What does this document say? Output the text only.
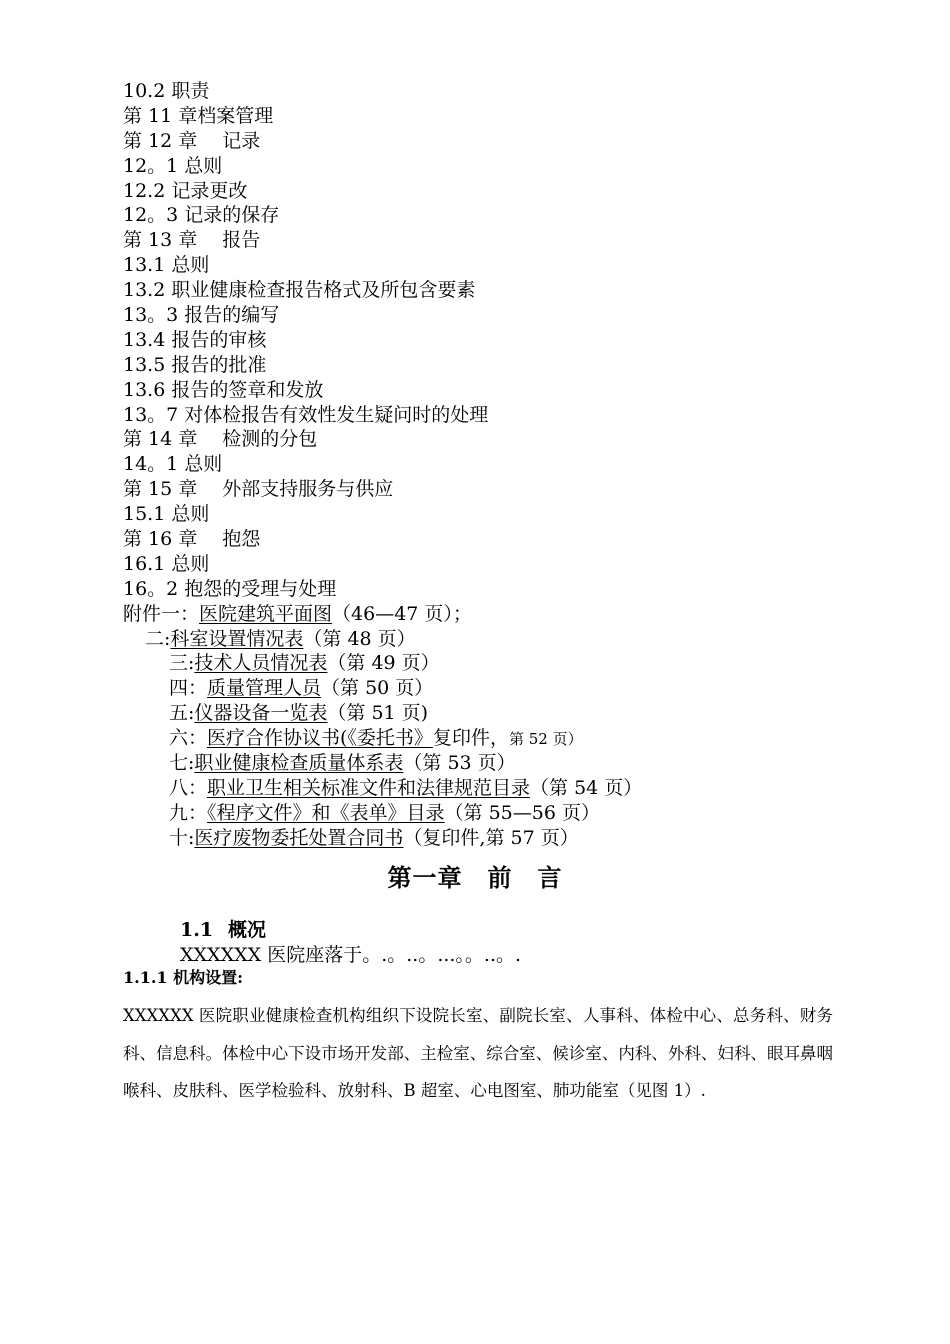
10.2 职责
第 11 章档案管理
第 12 章　 记录
12。1 总则
12.2 记录更改
12。3 记录的保存
第 13 章　 报告
13.1 总则
13.2 职业健康检查报告格式及所包含要素
13。3 报告的编写
13.4 报告的审核
13.5 报告的批准
13.6 报告的签章和发放
13。7 对体检报告有效性发生疑问时的处理
第 14 章　 检测的分包
14。1 总则
第 15 章　 外部支持服务与供应
15.1 总则
第 16 章　 抱怨
16.1 总则
16。2 抱怨的受理与处理
附件一：医院建筑平面图（46—47 页）；
二:科室设置情况表（第 48 页）
三:技术人员情况表（第 49 页）
四：质量管理人员（第 50 页）
五:仪器设备一览表（第 51 页)
六：医疗合作协议书(《委托书》复印件，第 52 页）
七:职业健康检查质量体系表（第 53 页）
八：职业卫生相关标准文件和法律规范目录（第 54 页）
九：《程序文件》和《表单》目录（第 55—56 页）
十:医疗废物委托处置合同书（复印件,第 57 页）
第一章　前　言
1.1 概况
XXXXXX 医院座落于。.。..。...。。..。.
1.1.1 机构设置:
XXXXXX 医院职业健康检查机构组织下设院长室、副院长室、人事科、体检中心、总务科、财务科、信息科。体检中心下设市场开发部、主检室、综合室、候诊室、内科、外科、妇科、眼耳鼻咽喉科、皮肤科、医学检验科、放射科、B 超室、心电图室、肺功能室（见图 1）.
